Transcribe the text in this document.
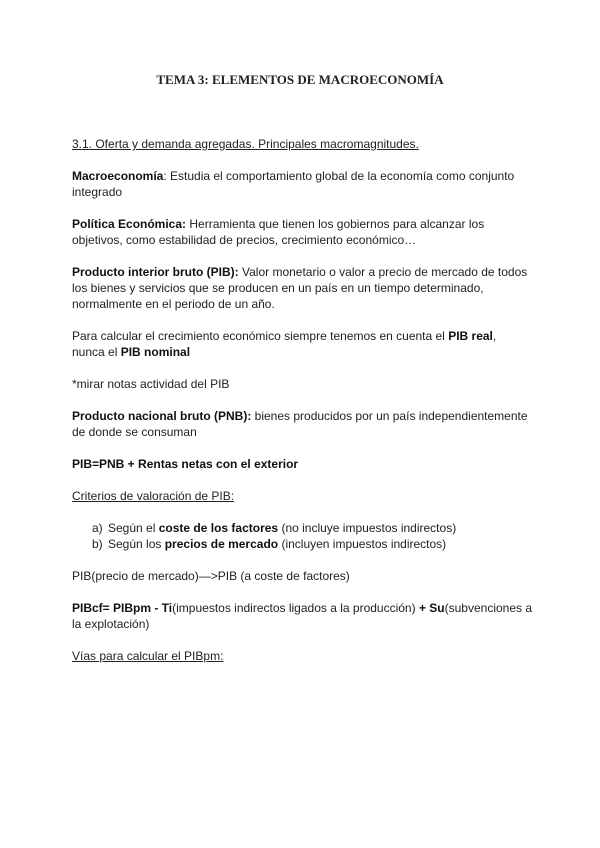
TEMA 3: ELEMENTOS DE MACROECONOMÍA
3.1. Oferta y demanda agregadas. Principales macromagnitudes.
Macroeconomía: Estudia el comportamiento global de la economía como conjunto integrado
Política Económica: Herramienta que tienen los gobiernos para alcanzar los objetivos, como estabilidad de precios, crecimiento económico…
Producto interior bruto (PIB): Valor monetario o valor a precio de mercado de todos los bienes y servicios que se producen en un país en un tiempo determinado, normalmente en el periodo de un año.
Para calcular el crecimiento económico siempre tenemos en cuenta el PIB real, nunca el PIB nominal
*mirar notas actividad del PIB
Producto nacional bruto (PNB): bienes producidos por un país independientemente de donde se consuman
PIB=PNB + Rentas netas con el exterior
Criterios de valoración de PIB:
a) Según el coste de los factores (no incluye impuestos indirectos)
b) Según los precios de mercado (incluyen impuestos indirectos)
PIB(precio de mercado)—>PIB (a coste de factores)
PIBcf= PIBpm - Ti(impuestos indirectos ligados a la producción) + Su(subvenciones a la explotación)
Vías para calcular el PIBpm:
